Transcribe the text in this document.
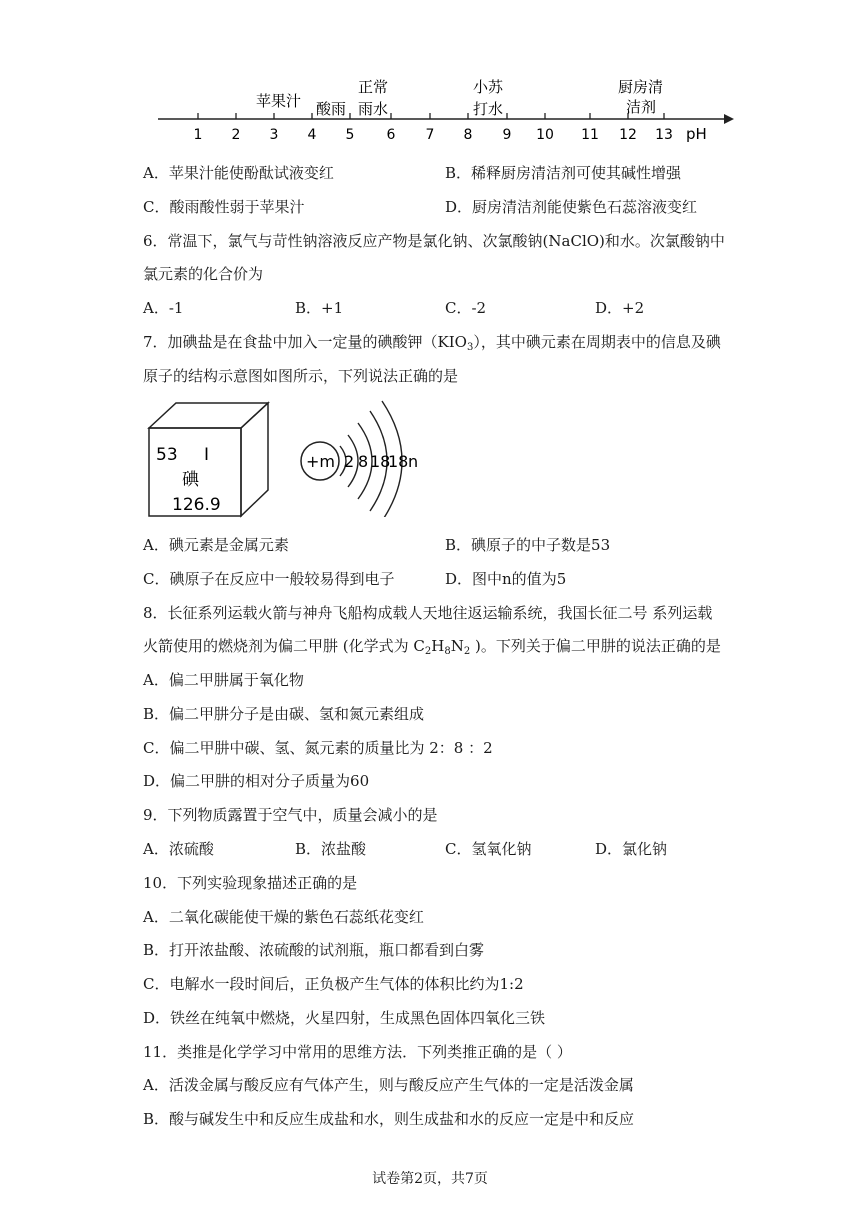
1 2 3 4 5 6 7 8 9 10 11 12 13 pH
苹果汁 酸雨
正常
雨水
小苏
打水
厨房清
洁剂
A．苹果汁能使酚酞试液变红	B．稀释厨房清洁剂可使其碱性增强
C．酸雨酸性弱于苹果汁	D．厨房清洁剂能使紫色石蕊溶液变红
6．常温下，氯气与苛性钠溶液反应产物是氯化钠、次氯酸钠(NaClO)和水。次氯酸钠中
氯元素的化合价为
A．-1	B．+1	C．-2	D．+2
7．加碘盐是在食盐中加入一定量的碘酸钾$(KIO_3)$，其中碘元素在周期表中的信息及碘
原子的结构示意图如图所示，下列说法正确的是
53 I
碘
126.9
+m 2 8 18
18 n
A．碘元素是金属元素	B．碘原子的中子数是53
C．碘原子在反应中一般较易得到电子	D．图中n的值为5
8．长征系列运载火箭与神舟飞船构成载人天地往返运输系统，我国长征二号 系列运载
火箭使用的燃烧剂为偏二甲肼 (化学式为 $C_2H_8N_2$ )。下列关于偏二甲肼的说法正确的是
A．偏二甲肼属于氧化物
B．偏二甲肼分子是由碳、氢和氮元素组成
C．偏二甲肼中碳、氢、氮元素的质量比为 2：8 ：2
D．偏二甲肼的相对分子质量为60
9．下列物质露置于空气中，质量会减小的是
A．浓硫酸	B．浓盐酸	C．氢氧化钠	D．氯化钠
10．下列实验现象描述正确的是
A．二氧化碳能使干燥的紫色石蕊纸花变红
B．打开浓盐酸、浓硫酸的试剂瓶，瓶口都看到白雾
C．电解水一段时间后，正负极产生气体的体积比约为1:2
D．铁丝在纯氧中燃烧，火星四射，生成黑色固体四氧化三铁
11．类推是化学学习中常用的思维方法．下列类推正确的是（ ）
A．活泼金属与酸反应有气体产生，则与酸反应产生气体的一定是活泼金属
B．酸与碱发生中和反应生成盐和水，则生成盐和水的反应一定是中和反应
试卷第2页，共7页
